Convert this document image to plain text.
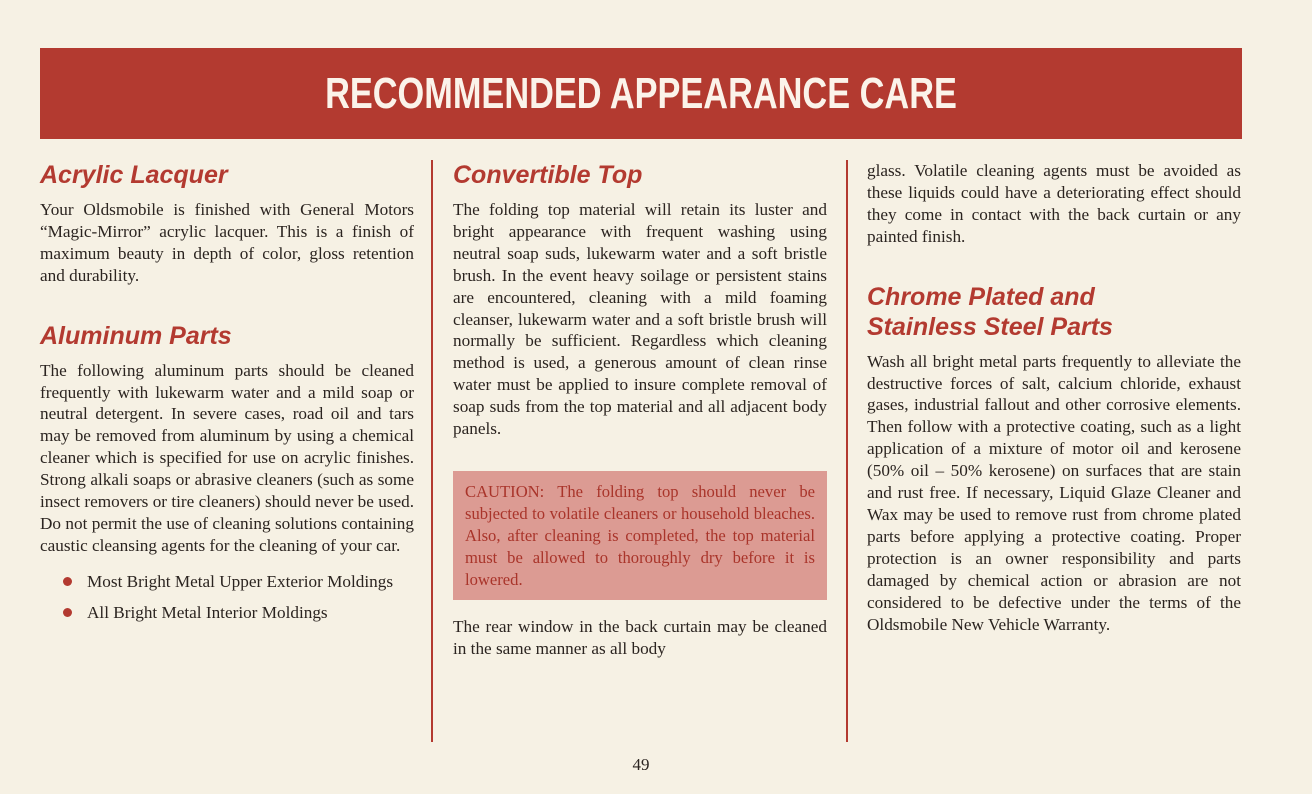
RECOMMENDED APPEARANCE CARE
Acrylic Lacquer

Your Oldsmobile is finished with General Motors “Magic-Mirror” acrylic lacquer. This is a finish of maximum beauty in depth of color, gloss retention and durability.

Aluminum Parts

The following aluminum parts should be cleaned frequently with lukewarm water and a mild soap or neutral detergent. In severe cases, road oil and tars may be removed from aluminum by using a chemical cleaner which is specified for use on acrylic finishes. Strong alkali soaps or abrasive cleaners (such as some insect removers or tire cleaners) should never be used. Do not permit the use of cleaning solutions containing caustic cleansing agents for the cleaning of your car.

Most Bright Metal Upper Exterior Moldings
All Bright Metal Interior Moldings
Convertible Top

The folding top material will retain its luster and bright appearance with frequent washing using neutral soap suds, lukewarm water and a soft bristle brush. In the event heavy soilage or persistent stains are encountered, cleaning with a mild foaming cleanser, lukewarm water and a soft bristle brush will normally be sufficient. Regardless which cleaning method is used, a generous amount of clean rinse water must be applied to insure complete removal of soap suds from the top material and all adjacent body panels.

CAUTION: The folding top should never be subjected to volatile cleaners or household bleaches. Also, after cleaning is completed, the top material must be allowed to thoroughly dry before it is lowered.

The rear window in the back curtain may be cleaned in the same manner as all body

glass. Volatile cleaning agents must be avoided as these liquids could have a deteriorating effect should they come in contact with the back curtain or any painted finish.

Chrome Plated and
Stainless Steel Parts

Wash all bright metal parts frequently to alleviate the destructive forces of salt, calcium chloride, exhaust gases, industrial fallout and other corrosive elements. Then follow with a protective coating, such as a light application of a mixture of motor oil and kerosene (50% oil – 50% kerosene) on surfaces that are stain and rust free. If necessary, Liquid Glaze Cleaner and Wax may be used to remove rust from chrome plated parts before applying a protective coating. Proper protection is an owner responsibility and parts damaged by chemical action or abrasion are not considered to be defective under the terms of the Oldsmobile New Vehicle Warranty.

49
